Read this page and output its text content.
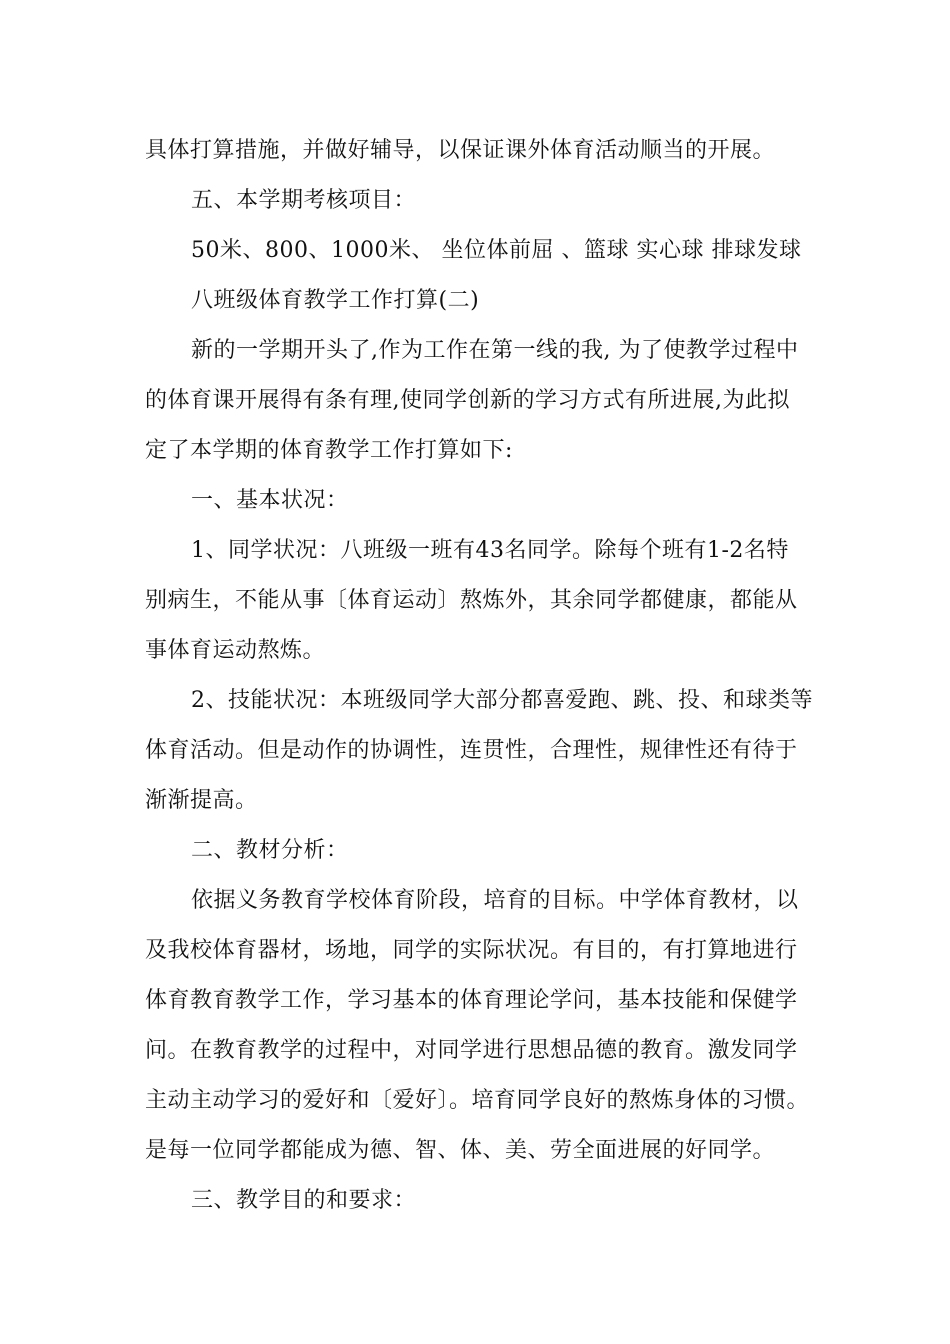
具体打算措施，并做好辅导，以保证课外体育活动顺当的开展。
五、本学期考核项目：
50米、800、1000米、 坐位体前屈 、篮球 实心球 排球发球
八班级体育教学工作打算(二)
新的一学期开头了,作为工作在第一线的我, 为了使教学过程中
的体育课开展得有条有理,使同学创新的学习方式有所进展,为此拟
定了本学期的体育教学工作打算如下:
一、基本状况：
1、同学状况：八班级一班有43名同学。除每个班有1-2名特
别病生，不能从事〔体育运动〕熬炼外，其余同学都健康，都能从
事体育运动熬炼。
2、技能状况：本班级同学大部分都喜爱跑、跳、投、和球类等
体育活动。但是动作的协调性，连贯性，合理性，规律性还有待于
渐渐提高。
二、教材分析：
依据义务教育学校体育阶段，培育的目标。中学体育教材，以
及我校体育器材，场地，同学的实际状况。有目的，有打算地进行
体育教育教学工作，学习基本的体育理论学问，基本技能和保健学
问。在教育教学的过程中，对同学进行思想品德的教育。激发同学
主动主动学习的爱好和〔爱好〕。培育同学良好的熬炼身体的习惯。
是每一位同学都能成为德、智、体、美、劳全面进展的好同学。
三、教学目的和要求：
